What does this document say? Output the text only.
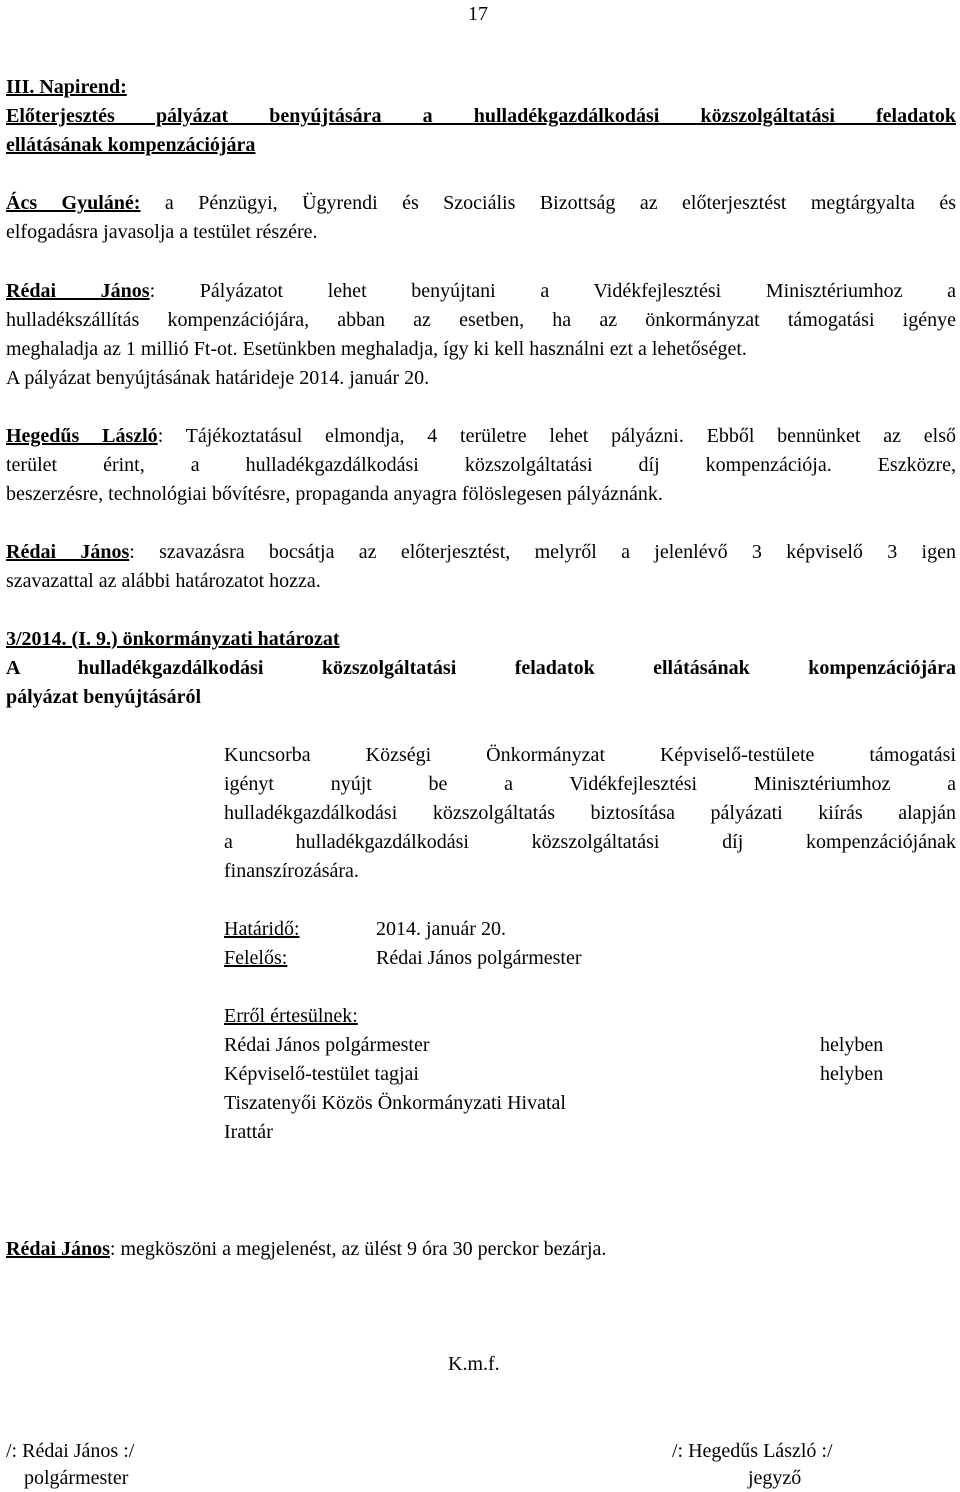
17
III. Napirend:
Előterjesztés pályázat benyújtására a hulladékgazdálkodási közszolgáltatási feladatok
ellátásának kompenzációjára
Ács Gyuláné: a Pénzügyi, Ügyrendi és Szociális Bizottság az előterjesztést megtárgyalta és
elfogadásra javasolja a testület részére.
Rédai János: Pályázatot lehet benyújtani a Vidékfejlesztési Minisztériumhoz a
hulladékszállítás kompenzációjára, abban az esetben, ha az önkormányzat támogatási igénye
meghaladja az 1 millió Ft-ot. Esetünkben meghaladja, így ki kell használni ezt a lehetőséget.
A pályázat benyújtásának határideje 2014. január 20.
Hegedűs László: Tájékoztatásul elmondja, 4 területre lehet pályázni. Ebből bennünket az első
terület érint, a hulladékgazdálkodási közszolgáltatási díj kompenzációja. Eszközre,
beszerzésre, technológiai bővítésre, propaganda anyagra fölöslegesen pályáznánk.
Rédai János: szavazásra bocsátja az előterjesztést, melyről a jelenlévő 3 képviselő 3 igen
szavazattal az alábbi határozatot hozza.
3/2014. (I. 9.) önkormányzati határozat
A hulladékgazdálkodási közszolgáltatási feladatok ellátásának kompenzációjára
pályázat benyújtásáról
Kuncsorba Községi Önkormányzat Képviselő-testülete támogatási
igényt nyújt be a Vidékfejlesztési Minisztériumhoz a
hulladékgazdálkodási közszolgáltatás biztosítása pályázati kiírás alapján
a hulladékgazdálkodási közszolgáltatási díj kompenzációjának
finanszírozására.
Határidő:	2014. január 20.
Felelős:	Rédai János polgármester
Erről értesülnek:
Rédai János polgármester	helyben
Képviselő-testület tagjai	helyben
Tiszatenyői Közös Önkormányzati Hivatal
Irattár
Rédai János: megköszöni a megjelenést, az ülést 9 óra 30 perckor bezárja.
K.m.f.
/: Rédai János :/
polgármester
/: Hegedűs László :/
jegyző
